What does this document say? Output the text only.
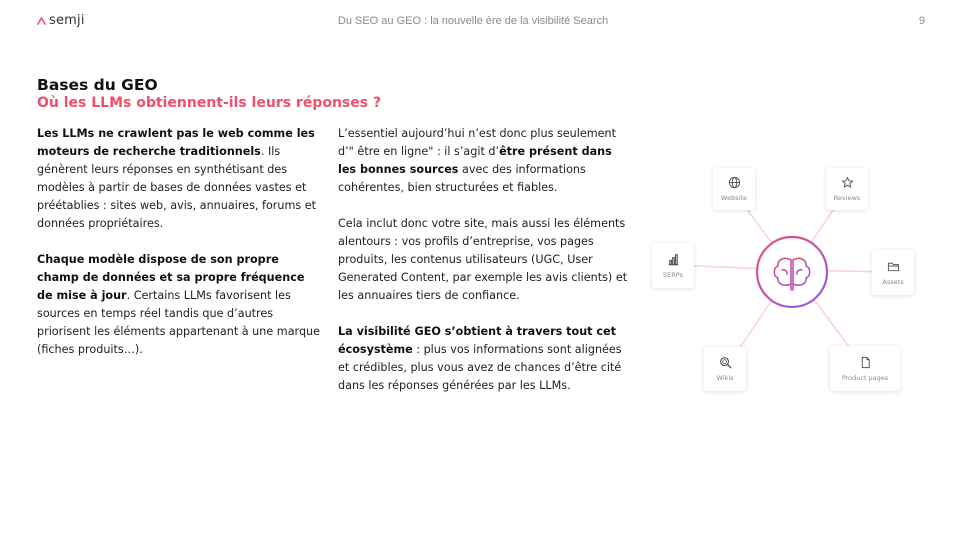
semji	Du SEO au GEO : la nouvelle ère de la visibilité Search	9
Bases du GEO
Où les LLMs obtiennent-ils leurs réponses ?

Les LLMs ne crawlent pas le web comme les moteurs de recherche traditionnels. Ils génèrent leurs réponses en synthétisant des modèles à partir de bases de données vastes et préétablies : sites web, avis, annuaires, forums et données propriétaires.

Chaque modèle dispose de son propre champ de données et sa propre fréquence de mise à jour. Certains LLMs favorisent les sources en temps réel tandis que d’autres priorisent les éléments appartenant à une marque (fiches produits…).

L’essentiel aujourd’hui n’est donc plus seulement d’" être en ligne" : il s’agit d’être présent dans les bonnes sources avec des informations cohérentes, bien structurées et fiables.

Cela inclut donc votre site, mais aussi les éléments alentours : vos profils d’entreprise, vos pages produits, les contenus utilisateurs (UGC, User Generated Content, par exemple les avis clients) et les annuaires tiers de confiance.

La visibilité GEO s’obtient à travers tout cet écosystème : plus vos informations sont alignées et crédibles, plus vous avez de chances d’être cité dans les réponses générées par les LLMs.

Website	Reviews
SERPs
Assets
Wikis	Product pages
